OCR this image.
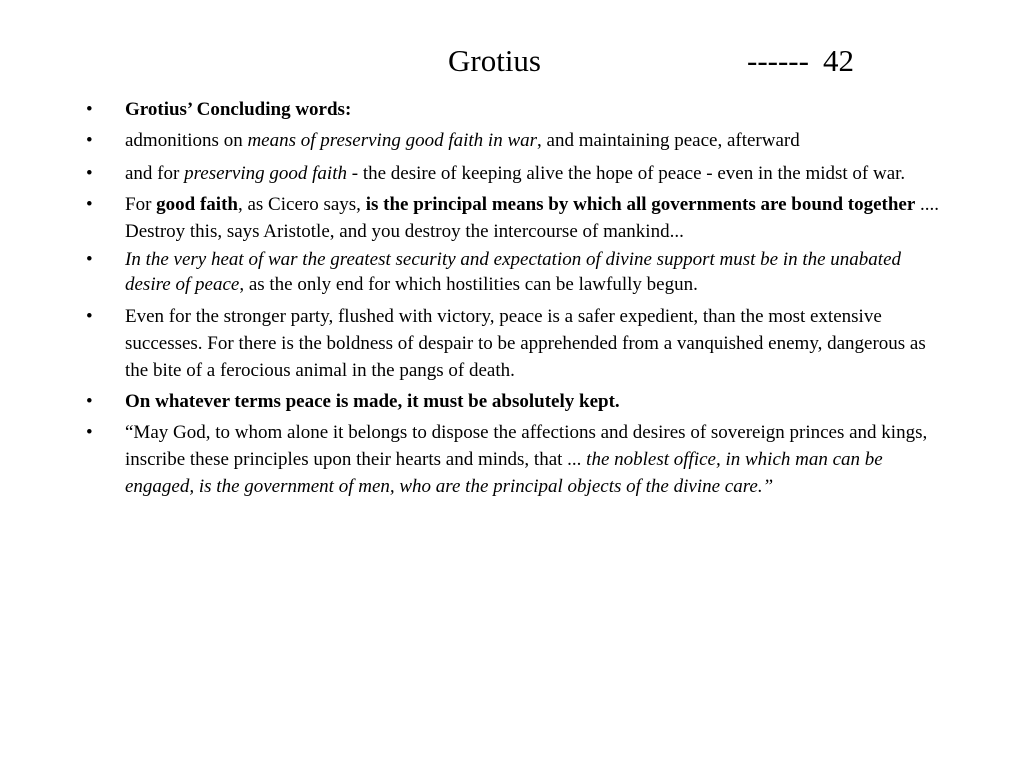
Grotius	------ 42
•	Grotius’ Concluding words:
•	admonitions on means of preserving good faith in war, and maintaining peace, afterward
•	and for preserving good faith - the desire of keeping alive the hope of peace - even in the midst of war.
•	For good faith, as Cicero says, is the principal means by which all governments are bound together .... Destroy this, says Aristotle, and you destroy the intercourse of mankind...
•	In the very heat of war the greatest security and expectation of divine support must be in the unabated desire of peace, as the only end for which hostilities can be lawfully begun.
•	Even for the stronger party, flushed with victory, peace is a safer expedient, than the most extensive successes. For there is the boldness of despair to be apprehended from a vanquished enemy, dangerous as the bite of a ferocious animal in the pangs of death.
•	On whatever terms peace is made, it must be absolutely kept.
•	“May God, to whom alone it belongs to dispose the affections and desires of sovereign princes and kings, inscribe these principles upon their hearts and minds, that ... the noblest office, in which man can be engaged, is the government of men, who are the principal objects of the divine care.”
